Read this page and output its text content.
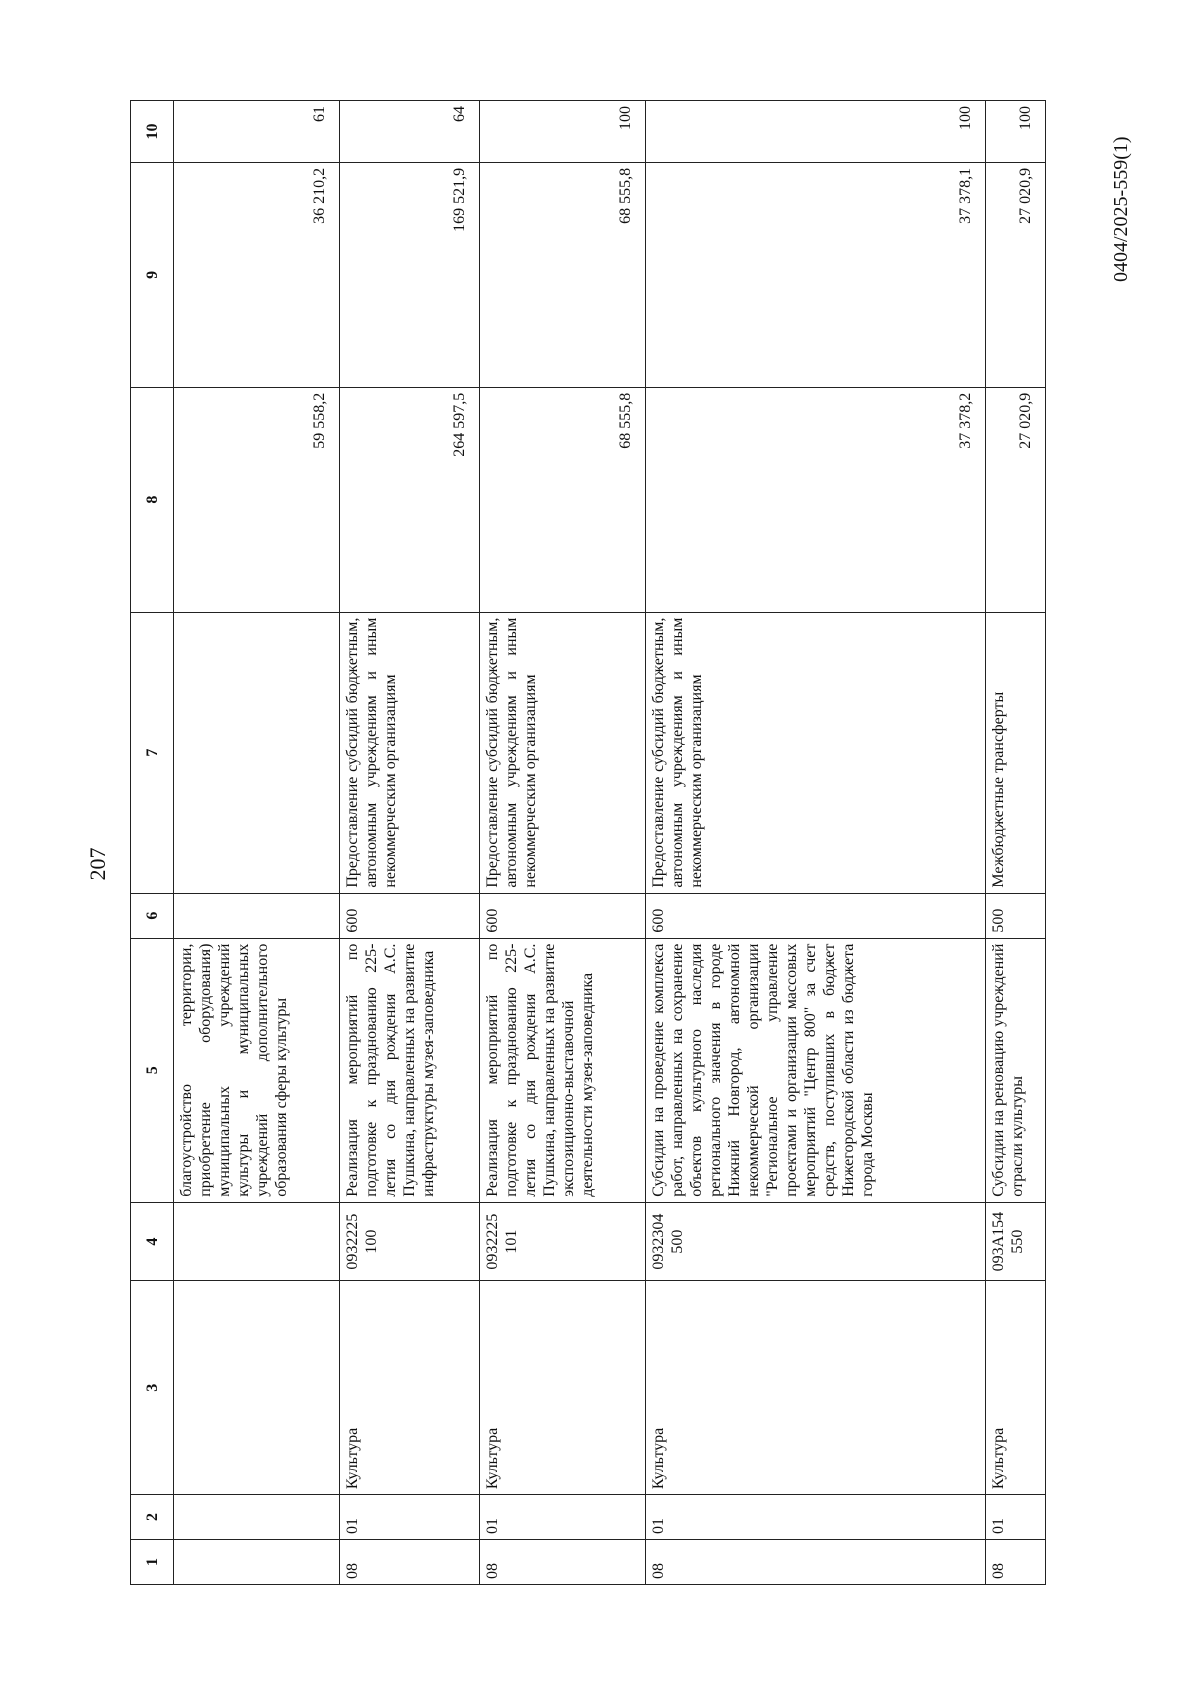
207
0404/2025-559(1)
1	2	3	4	5	6	7	8	9	10
				благоустройство территории, приобретение оборудования) муниципальных учреждений культуры и муниципальных учреждений дополнительного образования сферы культуры			59 558,2	36 210,2	61
08	01	Культура	0932225 100	Реализация мероприятий по подготовке к празднованию 225-летия со дня рождения А.С. Пушкина, направленных на развитие инфраструктуры музея-заповедника	600	Предоставление субсидий бюджетным, автономным учреждениям и иным некоммерческим организациям	264 597,5	169 521,9	64
08	01	Культура	0932225 101	Реализация мероприятий по подготовке к празднованию 225-летия со дня рождения А.С. Пушкина, направленных на развитие экспозиционно-выставочной деятельности музея-заповедника	600	Предоставление субсидий бюджетным, автономным учреждениям и иным некоммерческим организациям	68 555,8	68 555,8	100
08	01	Культура	0932304 500	Субсидии на проведение комплекса работ, направленных на сохранение объектов культурного наследия регионального значения в городе Нижний Новгород, автономной некоммерческой организации "Региональное управление проектами и организации массовых мероприятий "Центр 800" за счет средств, поступивших в бюджет Нижегородской области из бюджета города Москвы	600	Предоставление субсидий бюджетным, автономным учреждениям и иным некоммерческим организациям	37 378,2	37 378,1	100
08	01	Культура	093А154 550	Субсидии на реновацию учреждений отрасли культуры	500	Межбюджетные трансферты	27 020,9	27 020,9	100
